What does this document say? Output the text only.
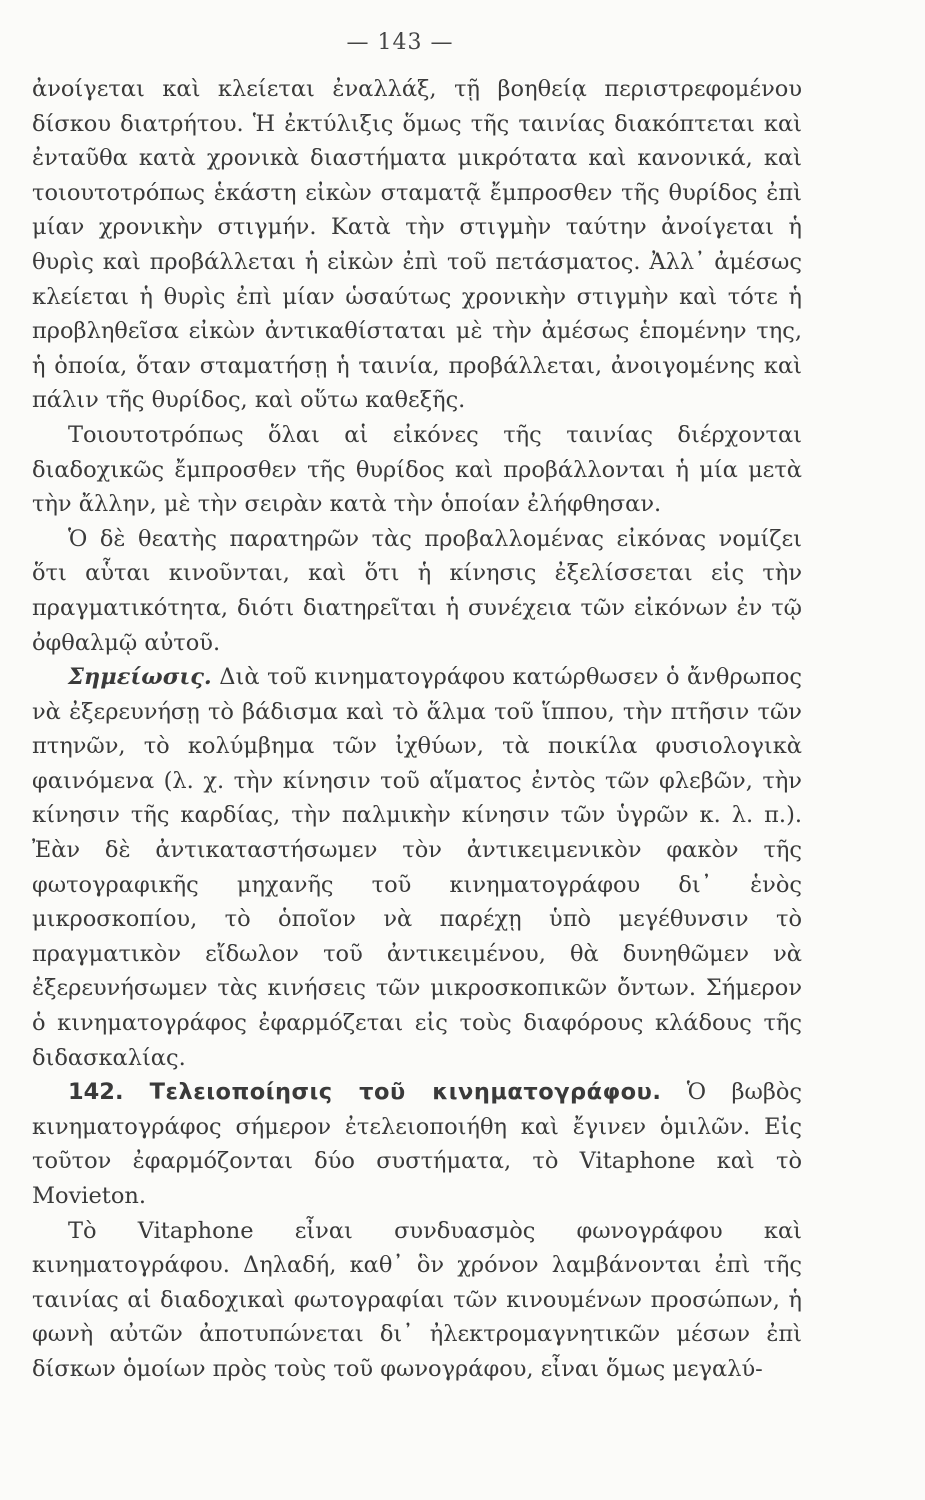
— 143 —

ἀνοίγεται καὶ κλείεται ἐναλλάξ, τῇ βοηθείᾳ περιστρεφομένου δίσκου διατρήτου. Ἡ ἐκτύλιξις ὅμως τῆς ταινίας διακόπτεται καὶ ἐνταῦθα κατὰ χρονικὰ διαστήματα μικρότατα καὶ κανονικά, καὶ τοιουτοτρόπως ἑκάστη εἰκὼν σταματᾷ ἔμπροσθεν τῆς θυρίδος ἐπὶ μίαν χρονικὴν στιγμήν. Κατὰ τὴν στιγμὴν ταύτην ἀνοίγεται ἡ θυρὶς καὶ προβάλλεται ἡ εἰκὼν ἐπὶ τοῦ πετάσματος. Ἀλλ᾽ ἀμέσως κλείεται ἡ θυρὶς ἐπὶ μίαν ὡσαύτως χρονικὴν στιγμὴν καὶ τότε ἡ προβληθεῖσα εἰκὼν ἀντικαθίσταται μὲ τὴν ἀμέσως ἑπομένην της, ἡ ὁποία, ὅταν σταματήσῃ ἡ ταινία, προβάλλεται, ἀνοιγομένης καὶ πάλιν τῆς θυρίδος, καὶ οὕτω καθεξῆς.

Τοιουτοτρόπως ὅλαι αἱ εἰκόνες τῆς ταινίας διέρχονται διαδοχικῶς ἔμπροσθεν τῆς θυρίδος καὶ προβάλλονται ἡ μία μετὰ τὴν ἄλλην, μὲ τὴν σειρὰν κατὰ τὴν ὁποίαν ἐλήφθησαν.

Ὁ δὲ θεατὴς παρατηρῶν τὰς προβαλλομένας εἰκόνας νομίζει ὅτι αὗται κινοῦνται, καὶ ὅτι ἡ κίνησις ἐξελίσσεται εἰς τὴν πραγματικότητα, διότι διατηρεῖται ἡ συνέχεια τῶν εἰκόνων ἐν τῷ ὀφθαλμῷ αὐτοῦ.

Σημείωσις. Διὰ τοῦ κινηματογράφου κατώρθωσεν ὁ ἄνθρωπος νὰ ἐξερευνήσῃ τὸ βάδισμα καὶ τὸ ἅλμα τοῦ ἵππου, τὴν πτῆσιν τῶν πτηνῶν, τὸ κολύμβημα τῶν ἰχθύων, τὰ ποικίλα φυσιολογικὰ φαινόμενα (λ. χ. τὴν κίνησιν τοῦ αἵματος ἐντὸς τῶν φλεβῶν, τὴν κίνησιν τῆς καρδίας, τὴν παλμικὴν κίνησιν τῶν ὑγρῶν κ. λ. π.). Ἐὰν δὲ ἀντικαταστήσωμεν τὸν ἀντικειμενικὸν φακὸν τῆς φωτογραφικῆς μηχανῆς τοῦ κινηματογράφου δι᾽ ἑνὸς μικροσκοπίου, τὸ ὁποῖον νὰ παρέχῃ ὑπὸ μεγέθυνσιν τὸ πραγματικὸν εἴδωλον τοῦ ἀντικειμένου, θὰ δυνηθῶμεν νὰ ἐξερευνήσωμεν τὰς κινήσεις τῶν μικροσκοπικῶν ὄντων. Σήμερον ὁ κινηματογράφος ἐφαρμόζεται εἰς τοὺς διαφόρους κλάδους τῆς διδασκαλίας.

142. Τελειοποίησις τοῦ κινηματογράφου. Ὁ βωβὸς κινηματογράφος σήμερον ἐτελειοποιήθη καὶ ἔγινεν ὁμιλῶν. Εἰς τοῦτον ἐφαρμόζονται δύο συστήματα, τὸ Vitaphone καὶ τὸ Movieton.

Τὸ Vitaphone εἶναι συνδυασμὸς φωνογράφου καὶ κινηματογράφου. Δηλαδή, καθ᾽ ὃν χρόνον λαμβάνονται ἐπὶ τῆς ταινίας αἱ διαδοχικαὶ φωτογραφίαι τῶν κινουμένων προσώπων, ἡ φωνὴ αὐτῶν ἀποτυπώνεται δι᾽ ἠλεκτρομαγνητικῶν μέσων ἐπὶ δίσκων ὁμοίων πρὸς τοὺς τοῦ φωνογράφου, εἶναι ὅμως μεγαλύ-
